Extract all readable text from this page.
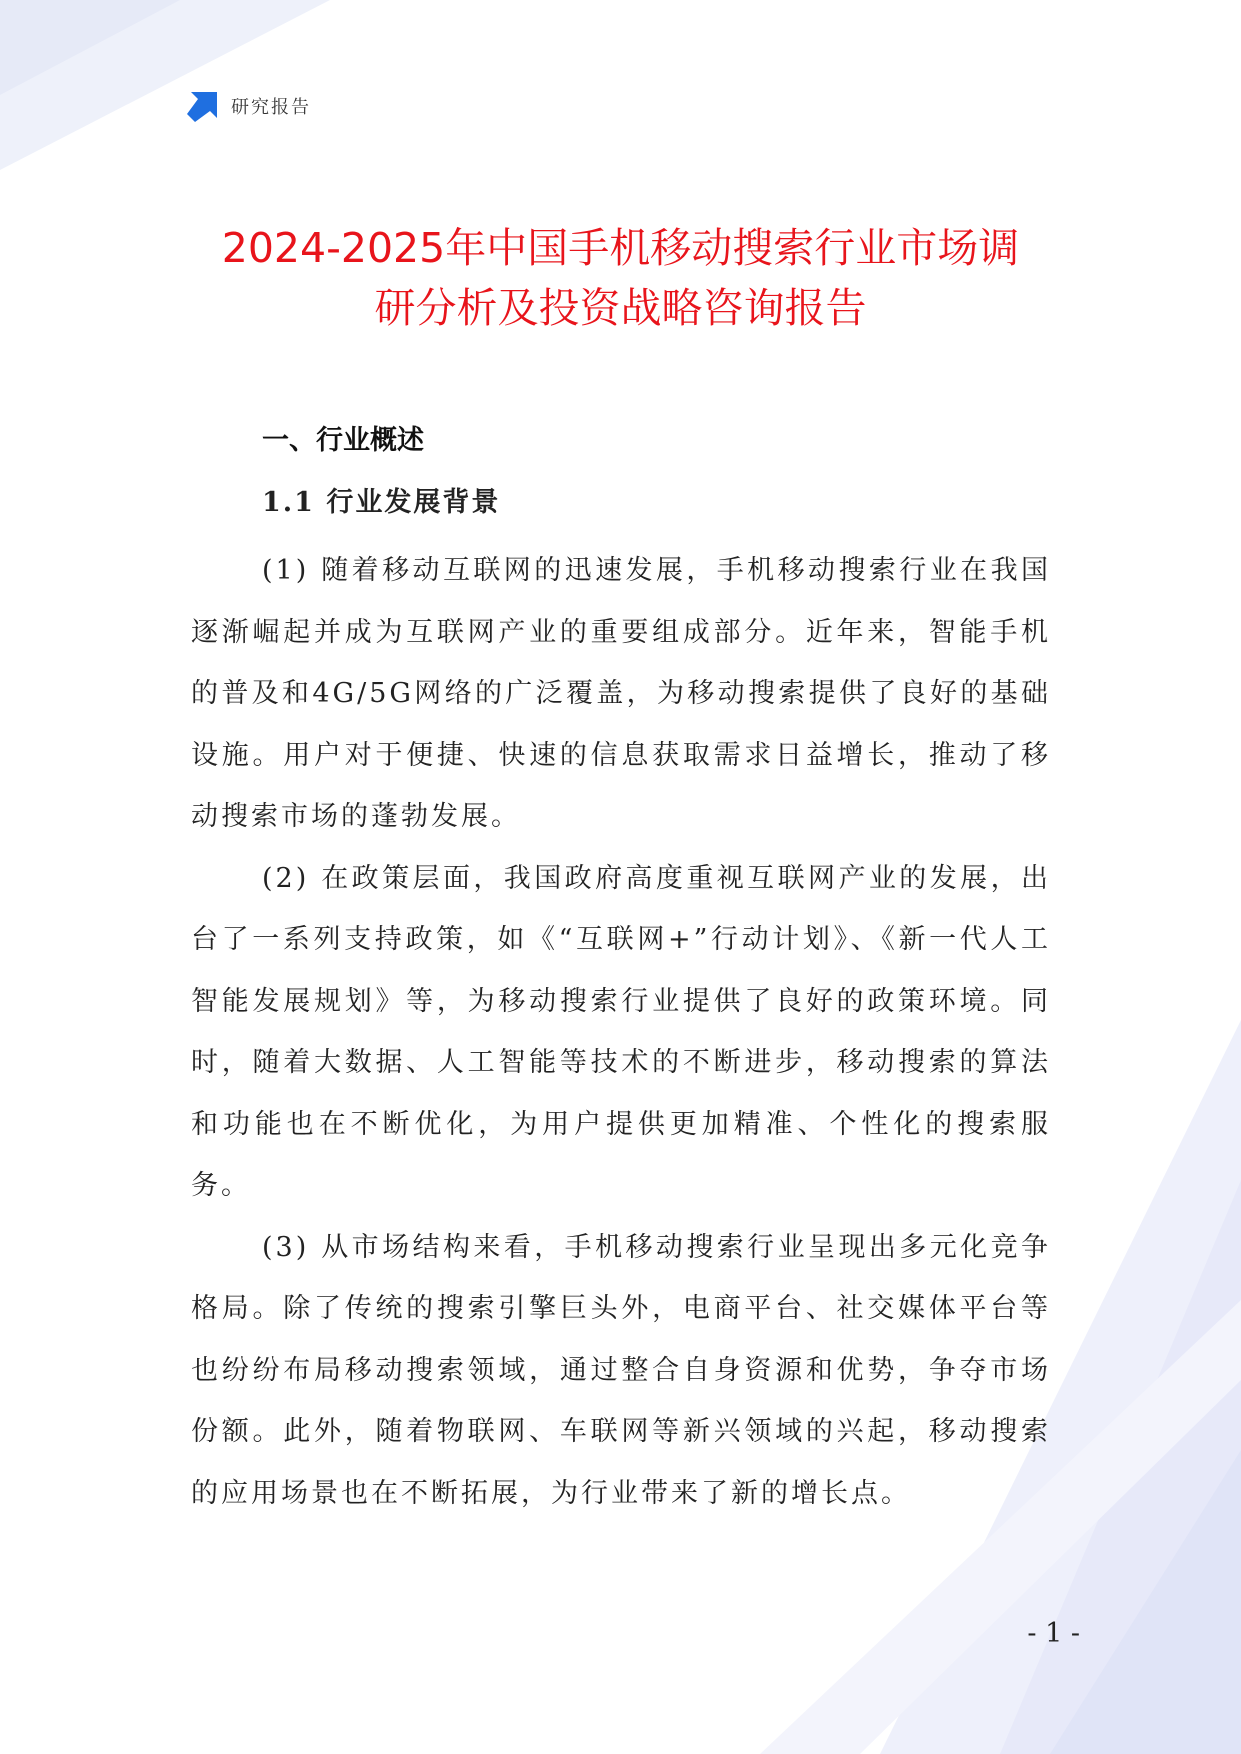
研究报告
2024-2025年中国手机移动搜索行业市场调
研分析及投资战略咨询报告
一、行业概述
1.1 行业发展背景

(1) 随着移动互联网的迅速发展，手机移动搜索行业在我国逐渐崛起并成为互联网产业的重要组成部分。近年来，智能手机的普及和4G/5G网络的广泛覆盖，为移动搜索提供了良好的基础设施。用户对于便捷、快速的信息获取需求日益增长，推动了移动搜索市场的蓬勃发展。

(2) 在政策层面，我国政府高度重视互联网产业的发展，出台了一系列支持政策，如《“互联网+”行动计划》、《新一代人工智能发展规划》等，为移动搜索行业提供了良好的政策环境。同时，随着大数据、人工智能等技术的不断进步，移动搜索的算法和功能也在不断优化，为用户提供更加精准、个性化的搜索服务。

(3) 从市场结构来看，手机移动搜索行业呈现出多元化竞争格局。除了传统的搜索引擎巨头外，电商平台、社交媒体平台等也纷纷布局移动搜索领域，通过整合自身资源和优势，争夺市场份额。此外，随着物联网、车联网等新兴领域的兴起，移动搜索的应用场景也在不断拓展，为行业带来了新的增长点。

- 1 -
